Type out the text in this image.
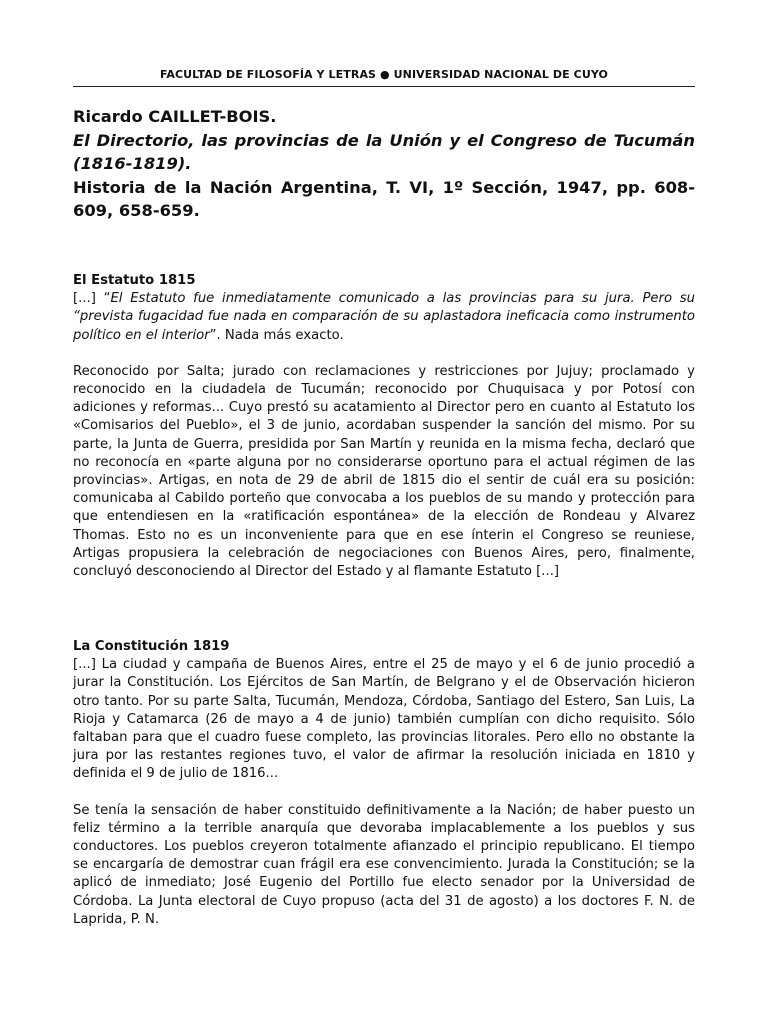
FACULTAD DE FILOSOFÍA Y LETRAS ● UNIVERSIDAD NACIONAL DE CUYO
Ricardo CAILLET-BOIS.
El Directorio, las provincias de la Unión y el Congreso de Tucumán (1816-1819).
Historia de la Nación Argentina, T. VI, 1º Sección, 1947, pp. 608- 609, 658-659.
El Estatuto 1815

[...] “El Estatuto fue inmediatamente comunicado a las provincias para su jura. Pero su “prevista fugacidad fue nada en comparación de su aplastadora ineficacia como instrumento político en el interior”. Nada más exacto.

Reconocido por Salta; jurado con reclamaciones y restricciones por Jujuy; proclamado y reconocido en la ciudadela de Tucumán; reconocido por Chuquisaca y por Potosí con adiciones y reformas... Cuyo prestó su acatamiento al Director pero en cuanto al Estatuto los «Comisarios del Pueblo», el 3 de junio, acordaban suspender la sanción del mismo. Por su parte, la Junta de Guerra, presidida por San Martín y reunida en la misma fecha, declaró que no reconocía en «parte alguna por no considerarse oportuno para el actual régimen de las provincias». Artigas, en nota de 29 de abril de 1815 dio el sentir de cuál era su posición: comunicaba al Cabildo porteño que convocaba a los pueblos de su mando y protección para que entendiesen en la «ratificación espontánea» de la elección de Rondeau y Alvarez Thomas. Esto no es un inconveniente para que en ese ínterin el Congreso se reuniese, Artigas propusiera la celebración de negociaciones con Buenos Aires, pero, finalmente, concluyó desconociendo al Director del Estado y al flamante Estatuto [...]

La Constitución 1819

[...] La ciudad y campaña de Buenos Aires, entre el 25 de mayo y el 6 de junio procedió a jurar la Constitución. Los Ejércitos de San Martín, de Belgrano y el de Observación hicieron otro tanto. Por su parte Salta, Tucumán, Mendoza, Córdoba, Santiago del Estero, San Luis, La Rioja y Catamarca (26 de mayo a 4 de junio) también cumplían con dicho requisito. Sólo faltaban para que el cuadro fuese completo, las provincias litorales. Pero ello no obstante la jura por las restantes regiones tuvo, el valor de afirmar la resolución iniciada en 1810 y definida el 9 de julio de 1816...

Se tenía la sensación de haber constituido definitivamente a la Nación; de haber puesto un feliz término a la terrible anarquía que devoraba implacablemente a los pueblos y sus conductores. Los pueblos creyeron totalmente afianzado el principio republicano. El tiempo se encargaría de demostrar cuan frágil era ese convencimiento. Jurada la Constitución; se la aplicó de inmediato; José Eugenio del Portillo fue electo senador por la Universidad de Córdoba. La Junta electoral de Cuyo propuso (acta del 31 de agosto) a los doctores F. N. de Laprida, P. N.
